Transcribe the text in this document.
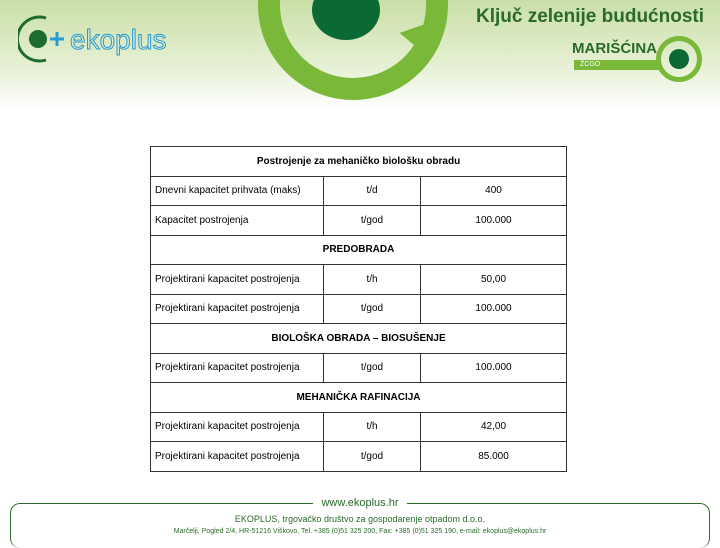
ekoplus
Ključ zelenije budućnosti
MARIŠĆINA
ŽCGO
Postrojenje za mehaničko biološku obradu		
Dnevni kapacitet prihvata (maks)	t/d	400
Kapacitet postrojenja	t/god	100.000
PREDOBRADA		
Projektirani kapacitet postrojenja	t/h	50,00
Projektirani kapacitet postrojenja	t/god	100.000
BIOLOŠKA OBRADA – BIOSUŠENJE		
Projektirani kapacitet postrojenja	t/god	100.000
MEHANIČKA RAFINACIJA		
Projektirani kapacitet postrojenja	t/h	42,00
Projektirani kapacitet postrojenja	t/god	85.000
www.ekoplus.hr
EKOPLUS, trgovačko društvo za gospodarenje otpadom d.o.o.
Marčelji, Pogled 2/4, HR-51216 Viškovo, Tel. +385 (0)51 325 200, Fax: +385 (0)51 325 190, e-mail: ekoplus@ekoplus.hr
